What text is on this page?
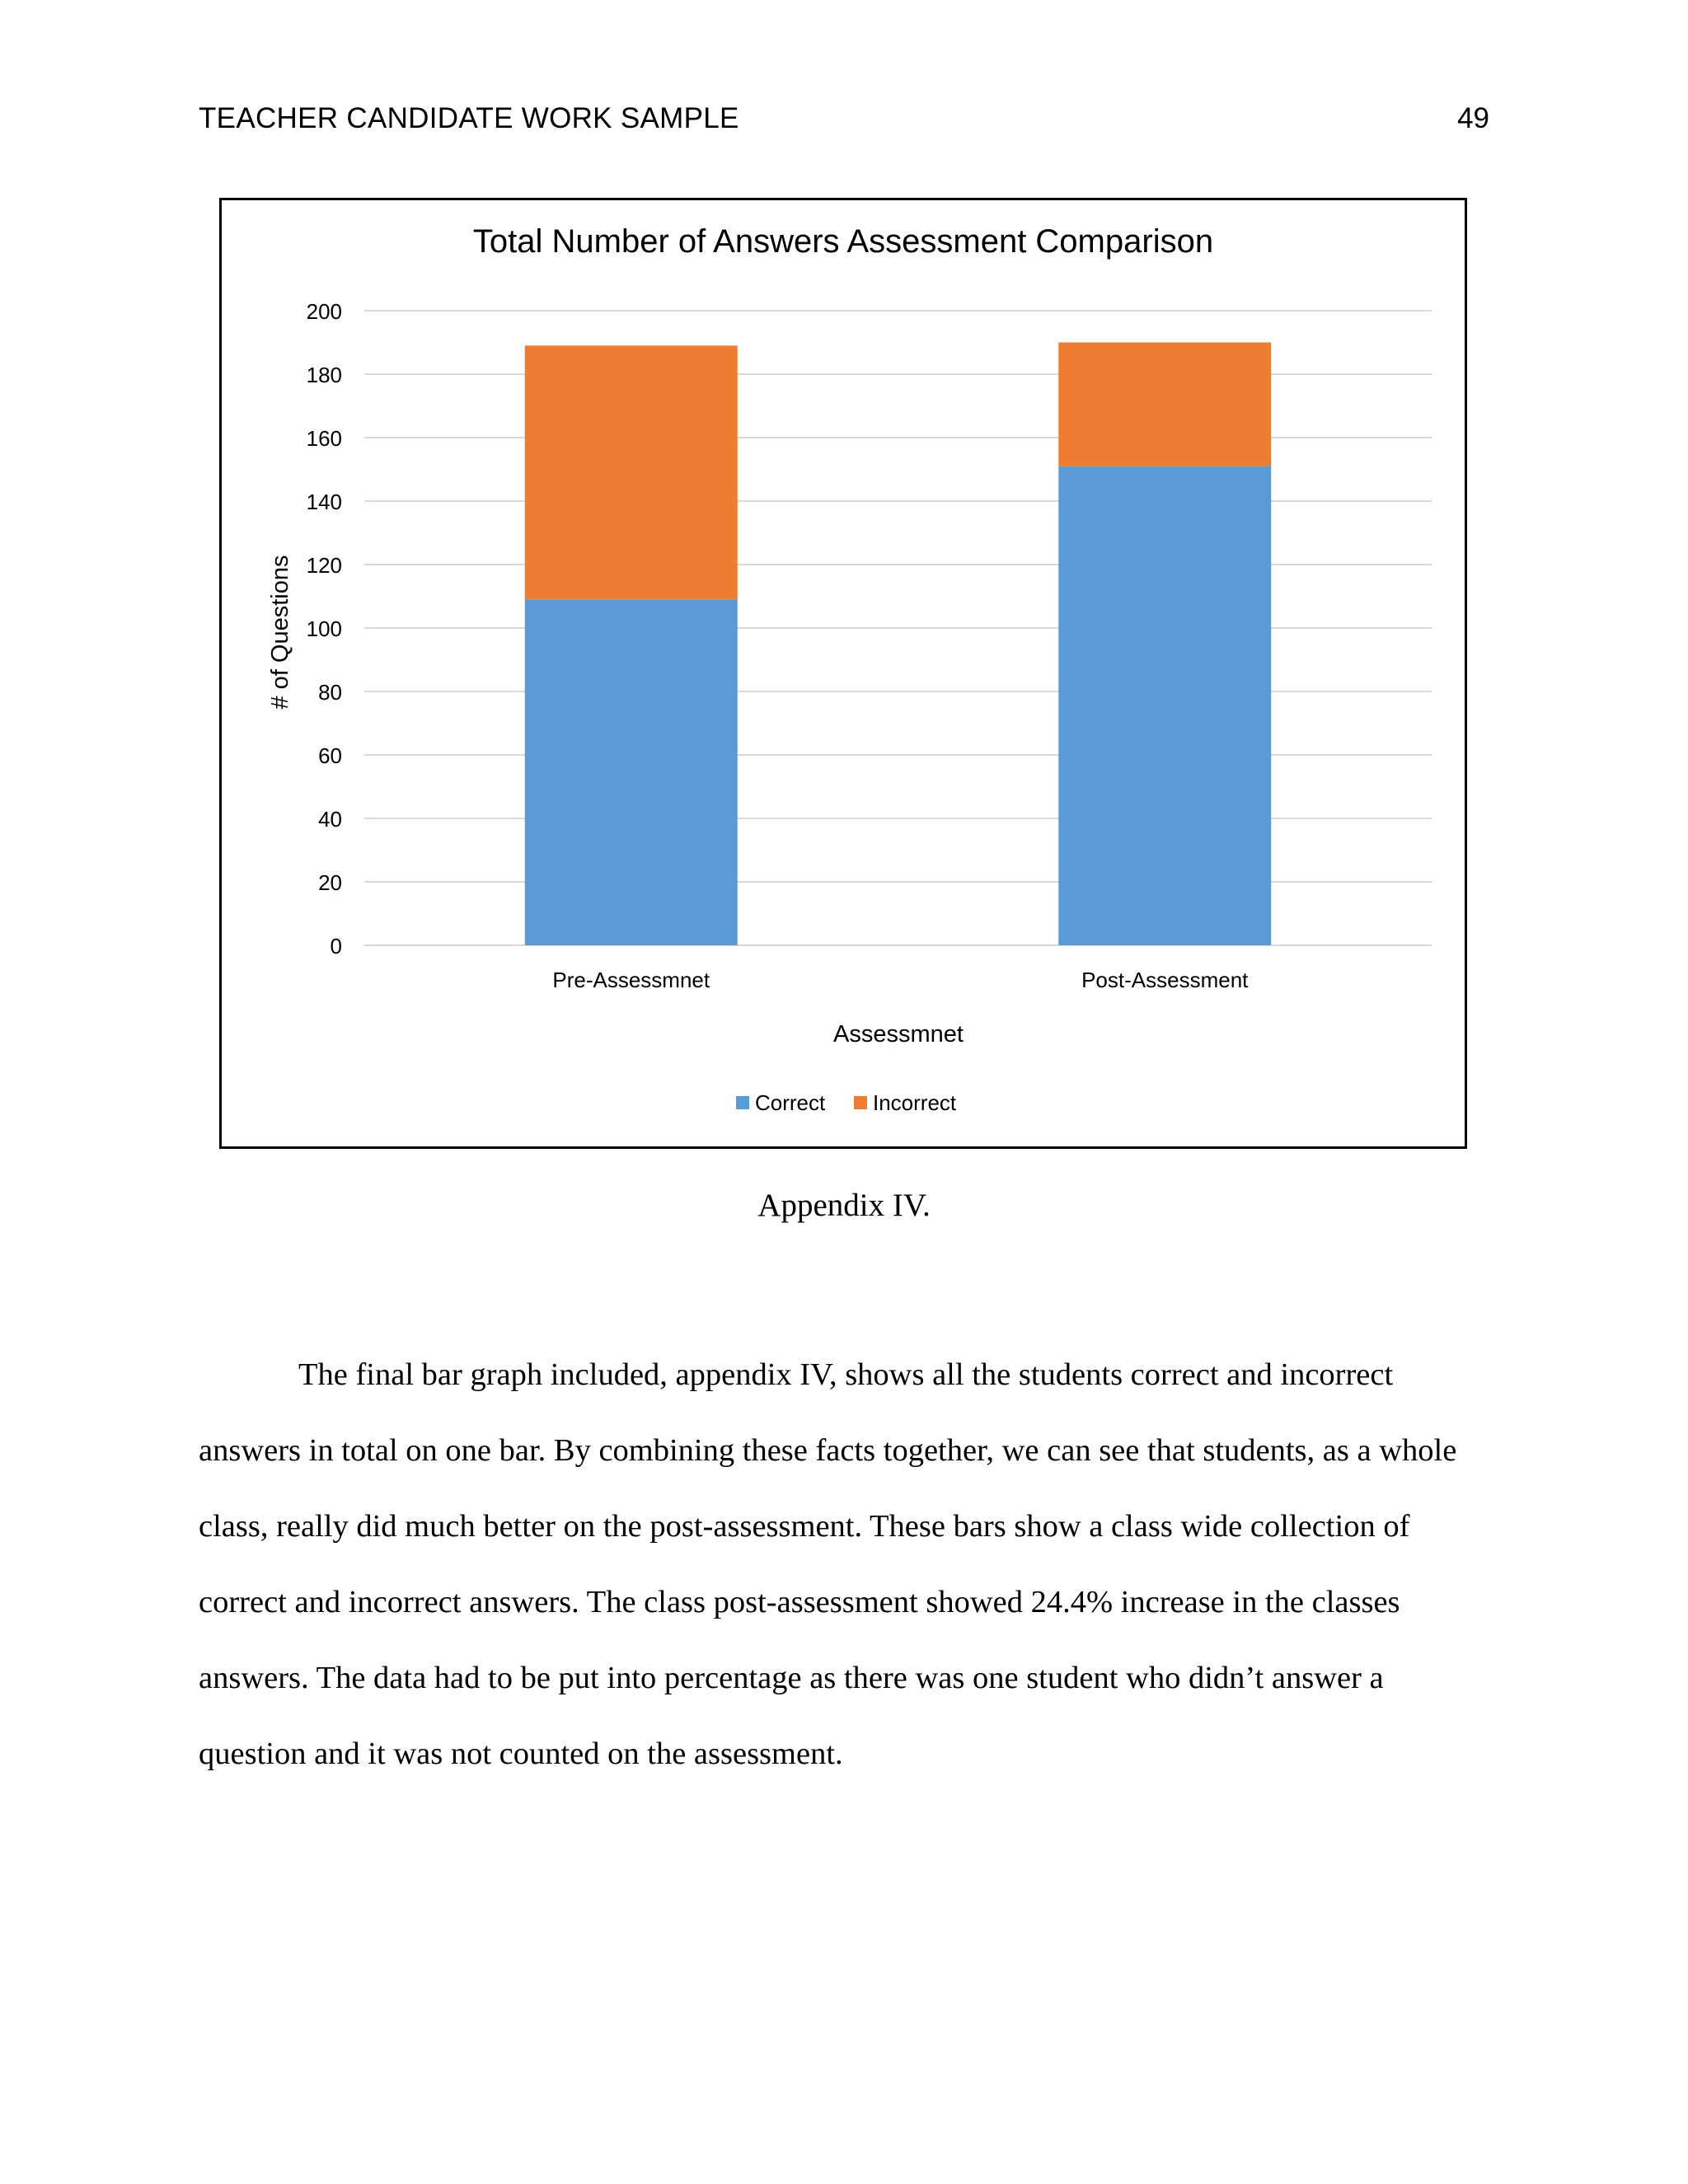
TEACHER CANDIDATE WORK SAMPLE	49
0
20
40
60
80
100
120
140
160
180
200
Pre-Assessmnet	Post-Assessment
Total Number of Answers Assessment Comparison
Assessmnet
# of Questions
Correct Incorrect
Appendix IV.

The final bar graph included, appendix IV, shows all the students correct and incorrect answers in total on one bar. By combining these facts together, we can see that students, as a whole class, really did much better on the post-assessment. These bars show a class wide collection of correct and incorrect answers. The class post-assessment showed 24.4% increase in the classes answers. The data had to be put into percentage as there was one student who didn’t answer a question and it was not counted on the assessment.
